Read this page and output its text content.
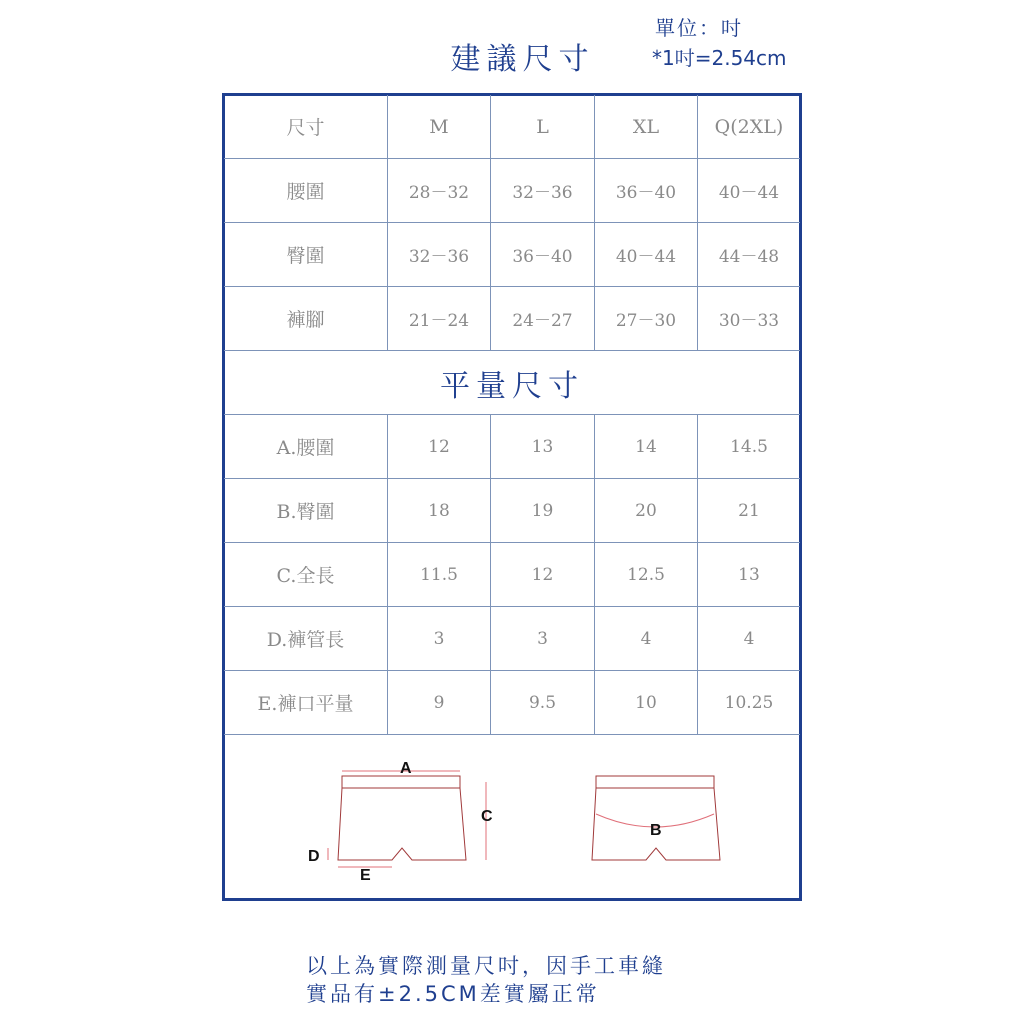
建議尺寸
單位：吋
*1吋=2.54cm
尺寸	M	L	XL	Q(2XL)
腰圍	28－32	32－36	36－40	40－44
臀圍	32－36	36－40	40－44	44－48
褲腳	21－24	24－27	27－30	30－33
平量尺寸
A.腰圍	12	13	14	14.5
B.臀圍	18	19	20	21
C.全長	11.5	12	12.5	13
D.褲管長	3	3	4	4
E.褲口平量	9	9.5	10	10.25
A
C
D
E
B
以上為實際測量尺吋，因手工車縫
實品有±2.5CM差實屬正常
